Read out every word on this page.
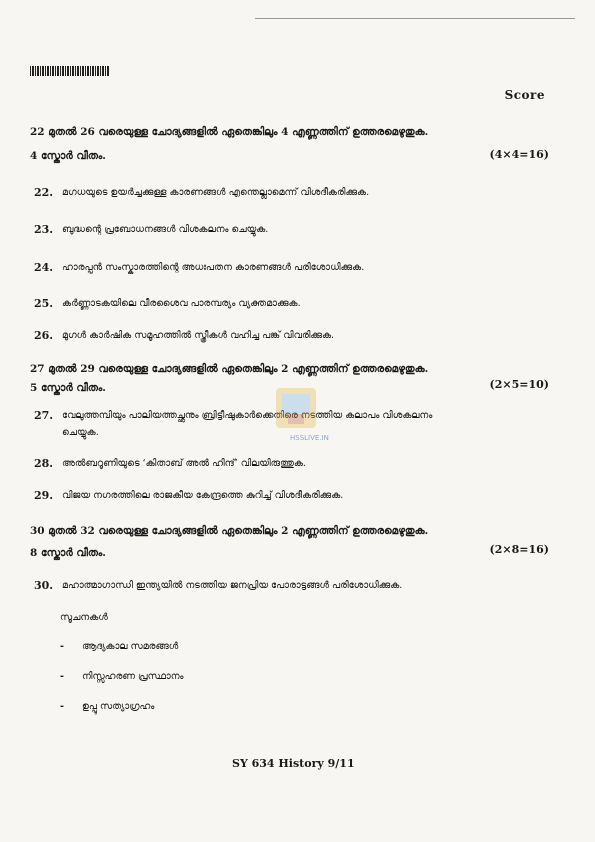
Score
22 മുതൽ 26 വരെയുള്ള ചോദ്യങ്ങളിൽ ഏതെങ്കിലും 4 എണ്ണത്തിന് ഉത്തരമെഴുതുക.
4 സ്കോർ വീതം.	(4×4=16)
22. മഗധയുടെ ഉയർച്ചക്കുള്ള കാരണങ്ങൾ എന്തെല്ലാമെന്ന് വിശദീകരിക്കുക.
23. ബുദ്ധന്റെ പ്രബോധനങ്ങൾ വിശകലനം ചെയ്യുക.
24. ഹാരപ്പൻ സംസ്കാരത്തിന്റെ അധഃപതന കാരണങ്ങൾ പരിശോധിക്കുക.
25. കർണ്ണാടകയിലെ വീരശൈവ പാരമ്പര്യം വ്യക്തമാക്കുക.
26. മുഗൾ കാർഷിക സമൂഹത്തിൽ സ്ത്രീകൾ വഹിച്ച പങ്ക് വിവരിക്കുക.
27 മുതൽ 29 വരെയുള്ള ചോദ്യങ്ങളിൽ ഏതെങ്കിലും 2 എണ്ണത്തിന് ഉത്തരമെഴുതുക.
5 സ്കോർ വീതം.	(2×5=10)
27. വേലുത്തമ്പിയും പാലിയത്തച്ഛനും ബ്രിട്ടീഷുകാർക്കെതിരെ നടത്തിയ കലാപം വിശകലനം
ചെയ്യുക.
28. അൽബറൂണിയുടെ ‘കിതാബ് അൽ ഹിന്ദ്’ വിലയിരുത്തുക.
29. വിജയ നഗരത്തിലെ രാജകീയ കേന്ദ്രത്തെ കുറിച്ച് വിശദീകരിക്കുക.
HSSLIVE.IN
30 മുതൽ 32 വരെയുള്ള ചോദ്യങ്ങളിൽ ഏതെങ്കിലും 2 എണ്ണത്തിന് ഉത്തരമെഴുതുക.
8 സ്കോർ വീതം.	(2×8=16)
30. മഹാത്മാഗാന്ധി ഇന്ത്യയിൽ നടത്തിയ ജനപ്രിയ പോരാട്ടങ്ങൾ പരിശോധിക്കുക.
സൂചനകൾ
- ആദ്യകാല സമരങ്ങൾ
- നിസ്സഹരണ പ്രസ്ഥാനം
- ഉപ്പു സത്യാഗ്രഹം
SY 634 History 9/11
